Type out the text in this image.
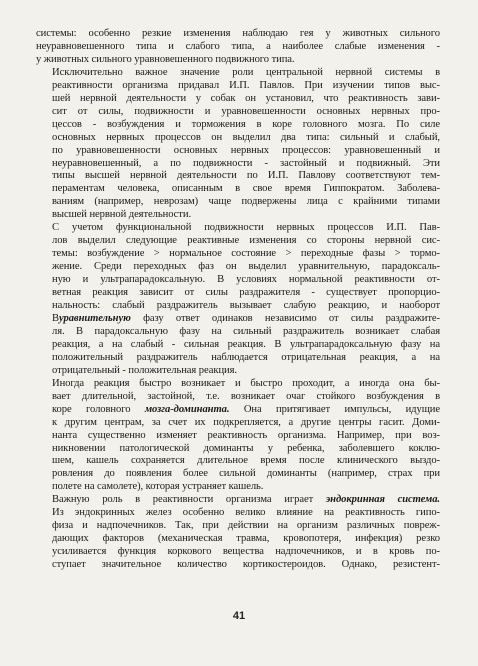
системы: особенно резкие изменения наблюдаю гея у животных сильного
неуравновешенного типа и слабого типа, а наиболее слабые изменения -
у животных сильного уравновешенного подвижного типа.
Исключительно важное значение роли центральной нервной системы в
реактивности организма придавал И.П. Павлов. При изучении типов выс-
шей нервной деятельности у собак он установил, что реактивность зави-
сит от силы, подвижности и уравновешенности основных нервных про-
цессов - возбуждения и торможения в коре головного мозга. По силе
основных нервных процессов он выделил два типа: сильный и слабый,
по уравновешенности основных нервных процессов: уравновешенный и
неуравновешенный, а по подвижности - застойный и подвижный. Эти
типы высшей нервной деятельности по И.П. Павлову соответствуют тем-
пераментам человека, описанным в свое время Гиппократом. Заболева-
ваниям (например, неврозам) чаще подвержены лица с крайними типами
высшей нервной деятельности.
С учетом функциональной подвижности нервных процессов И.П. Пав-
лов выделил следующие реактивные изменения со стороны нервной сис-
темы: возбуждение > нормальное состояние > переходные фазы > тормо-
жение. Среди переходных фаз он выделил уравнительную, парадоксаль-
ную и ультрапарадоксальную. В условиях нормальной реактивности от-
ветная реакция зависит от силы раздражителя - существует пропорцио-
нальность: слабый раздражитель вызывает слабую реакцию, и наоборот
Вуравнительную фазу ответ одинаков независимо от силы раздражите-
ля. В парадоксальную фазу на сильный раздражитель возникает слабая
реакция, а на слабый - сильная реакция. В ультрапарадоксальную фазу на
положительный раздражитель наблюдается отрицательная реакция, а на
отрицательный - положительная реакция.
Иногда реакция быстро возникает и быстро проходит, а иногда она бы-
вает длительной, застойной, т.е. возникает очаг стойкого возбуждения в
коре головного мозга-доминанта. Она притягивает импульсы, идущие
к другим центрам, за счет их подкрепляется, а другие центры гасит. Доми-
нанта существенно изменяет реактивность организма. Например, при воз-
никновении патологической доминанты у ребенка, заболевшего коклю-
шем, кашель сохраняется длительное время после клинического выздо-
ровления до появления более сильной доминанты (например, страх при
полете на самолете), которая устраняет кашель.
Важную роль в реактивности организма играет эндокринная система.
Из эндокринных желез особенно велико влияние на реактивность гипо-
физа и надпочечников. Так, при действии на организм различных повреж-
дающих факторов (механическая травма, кровопотеря, инфекция) резко
усиливается функция коркового вещества надпочечников, и в кровь по-
ступает значительное количество кортикостероидов. Однако, резистент-
41
